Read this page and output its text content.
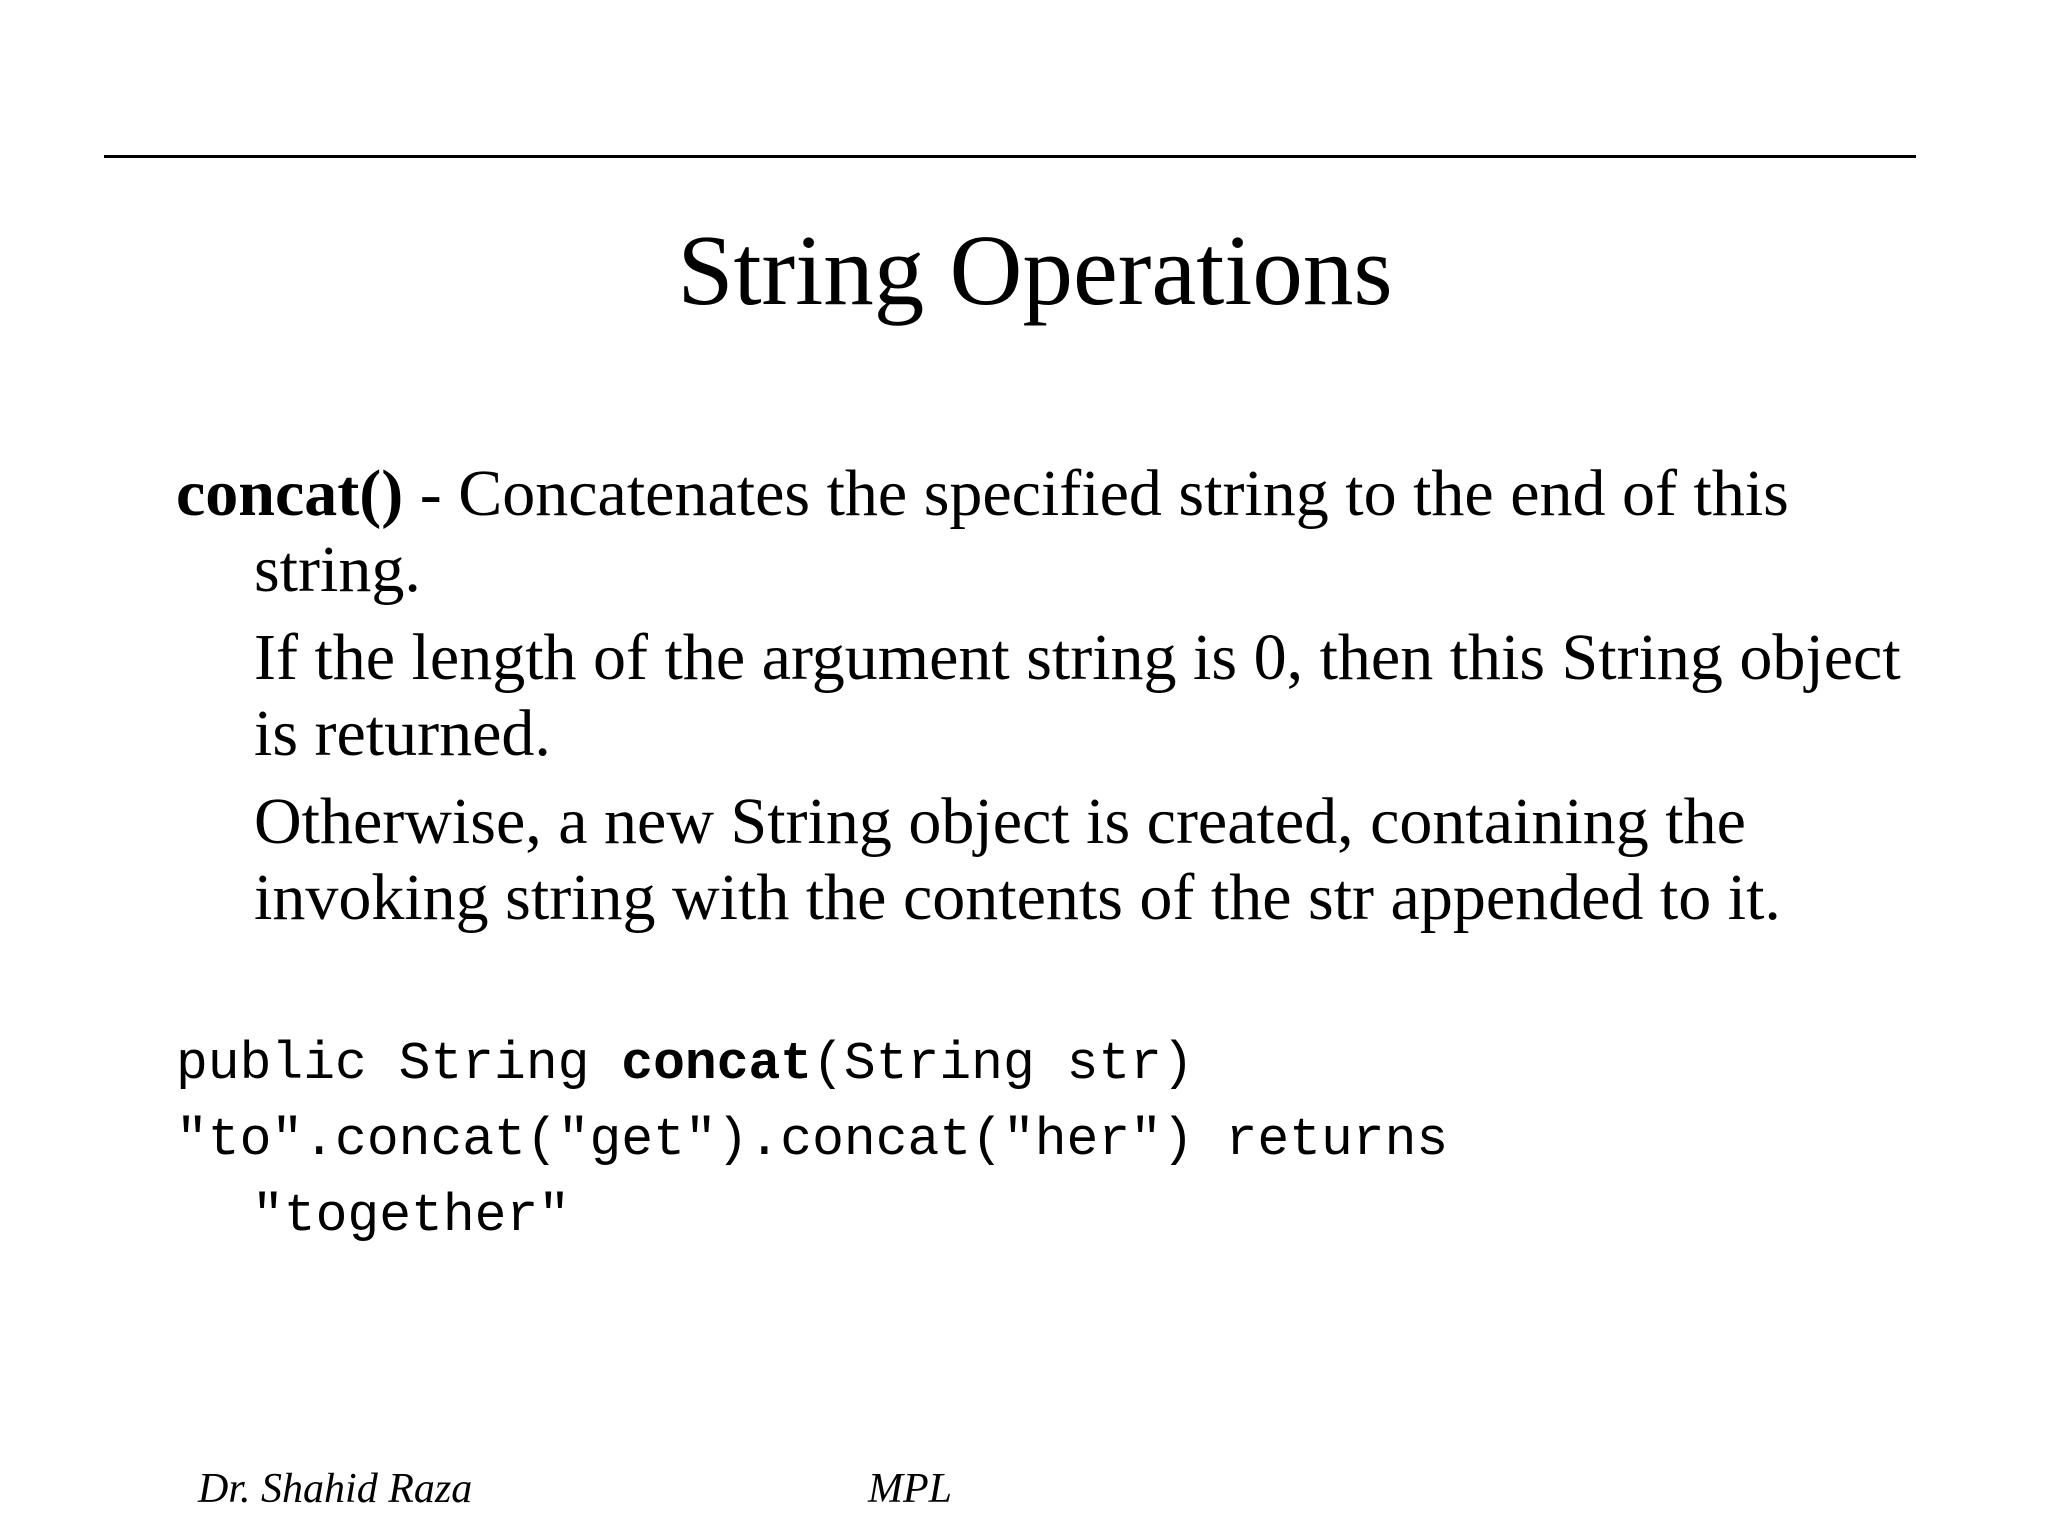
String Operations

concat() - Concatenates the specified string to the end of this string.

If the length of the argument string is 0, then this String object is returned.

Otherwise, a new String object is created, containing the invoking string with the contents of the str appended to it.

public String concat(String str)
"to".concat("get").concat("her") returns
"together"
Dr. Shahid Raza	MPL
